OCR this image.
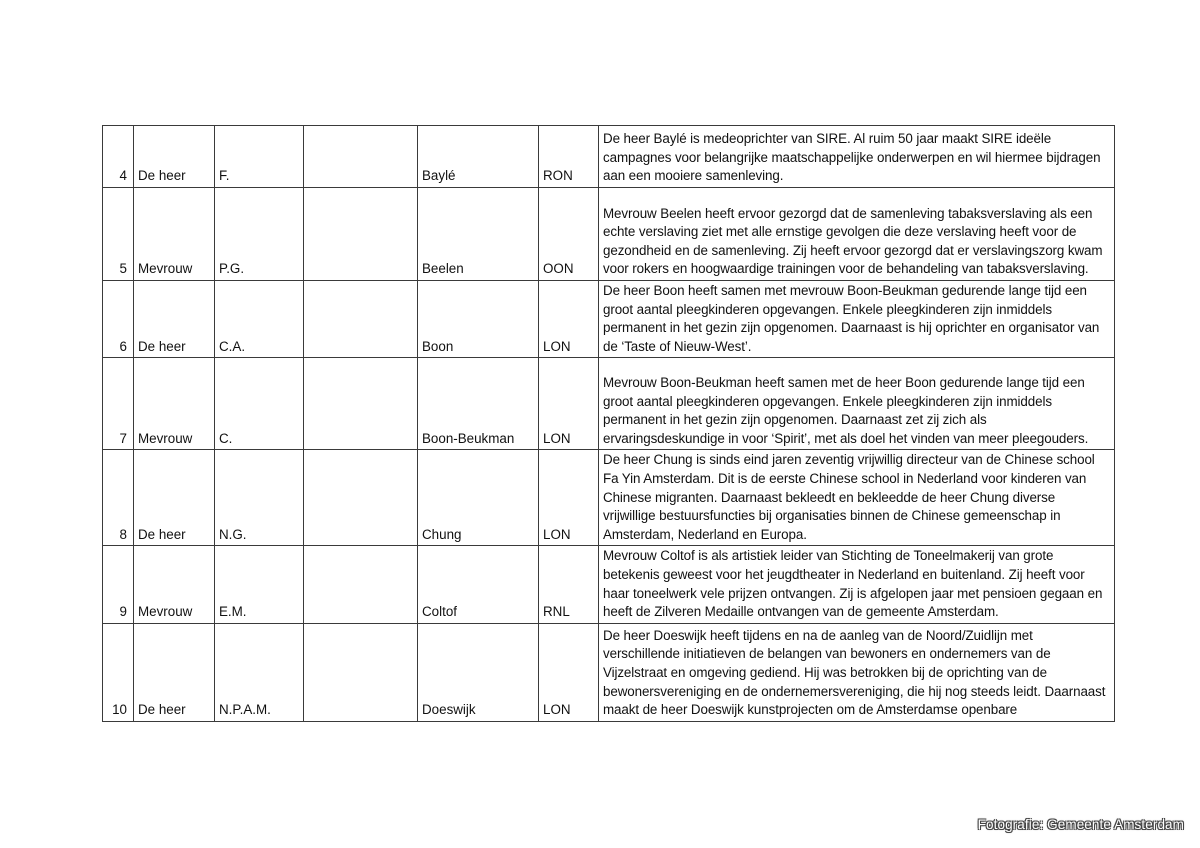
4	De heer	F.		Baylé	RON	De heer Baylé is medeoprichter van SIRE. Al ruim 50 jaar maakt SIRE ideële campagnes voor belangrijke maatschappelijke onderwerpen en wil hiermee bijdragen aan een mooiere samenleving.
5	Mevrouw	P.G.		Beelen	OON	Mevrouw Beelen heeft ervoor gezorgd dat de samenleving tabaksverslaving als een echte verslaving ziet met alle ernstige gevolgen die deze verslaving heeft voor de gezondheid en de samenleving. Zij heeft ervoor gezorgd dat er verslavingszorg kwam voor rokers en hoogwaardige trainingen voor de behandeling van tabaksverslaving.
6	De heer	C.A.		Boon	LON	De heer Boon heeft samen met mevrouw Boon-Beukman gedurende lange tijd een groot aantal pleegkinderen opgevangen. Enkele pleegkinderen zijn inmiddels permanent in het gezin zijn opgenomen. Daarnaast is hij oprichter en organisator van de ‘Taste of Nieuw-West’.
7	Mevrouw	C.		Boon-Beukman	LON	Mevrouw Boon-Beukman heeft samen met de heer Boon gedurende lange tijd een groot aantal pleegkinderen opgevangen. Enkele pleegkinderen zijn inmiddels permanent in het gezin zijn opgenomen. Daarnaast zet zij zich als ervaringsdeskundige in voor ‘Spirit’, met als doel het vinden van meer pleegouders.
8	De heer	N.G.		Chung	LON	De heer Chung is sinds eind jaren zeventig vrijwillig directeur van de Chinese school Fa Yin Amsterdam. Dit is de eerste Chinese school in Nederland voor kinderen van Chinese migranten. Daarnaast bekleedt en bekleedde de heer Chung diverse vrijwillige bestuursfuncties bij organisaties binnen de Chinese gemeenschap in Amsterdam, Nederland en Europa.
9	Mevrouw	E.M.		Coltof	RNL	Mevrouw Coltof is als artistiek leider van Stichting de Toneelmakerij van grote betekenis geweest voor het jeugdtheater in Nederland en buitenland. Zij heeft voor haar toneelwerk vele prijzen ontvangen. Zij is afgelopen jaar met pensioen gegaan en heeft de Zilveren Medaille ontvangen van de gemeente Amsterdam.
10	De heer	N.P.A.M.		Doeswijk	LON	De heer Doeswijk heeft tijdens en na de aanleg van de Noord/Zuidlijn met verschillende initiatieven de belangen van bewoners en ondernemers van de Vijzelstraat en omgeving gediend. Hij was betrokken bij de oprichting van de bewonersvereniging en de ondernemersvereniging, die hij nog steeds leidt. Daarnaast maakt de heer Doeswijk kunstprojecten om de Amsterdamse openbare
Fotografie: Gemeente Amsterdam
